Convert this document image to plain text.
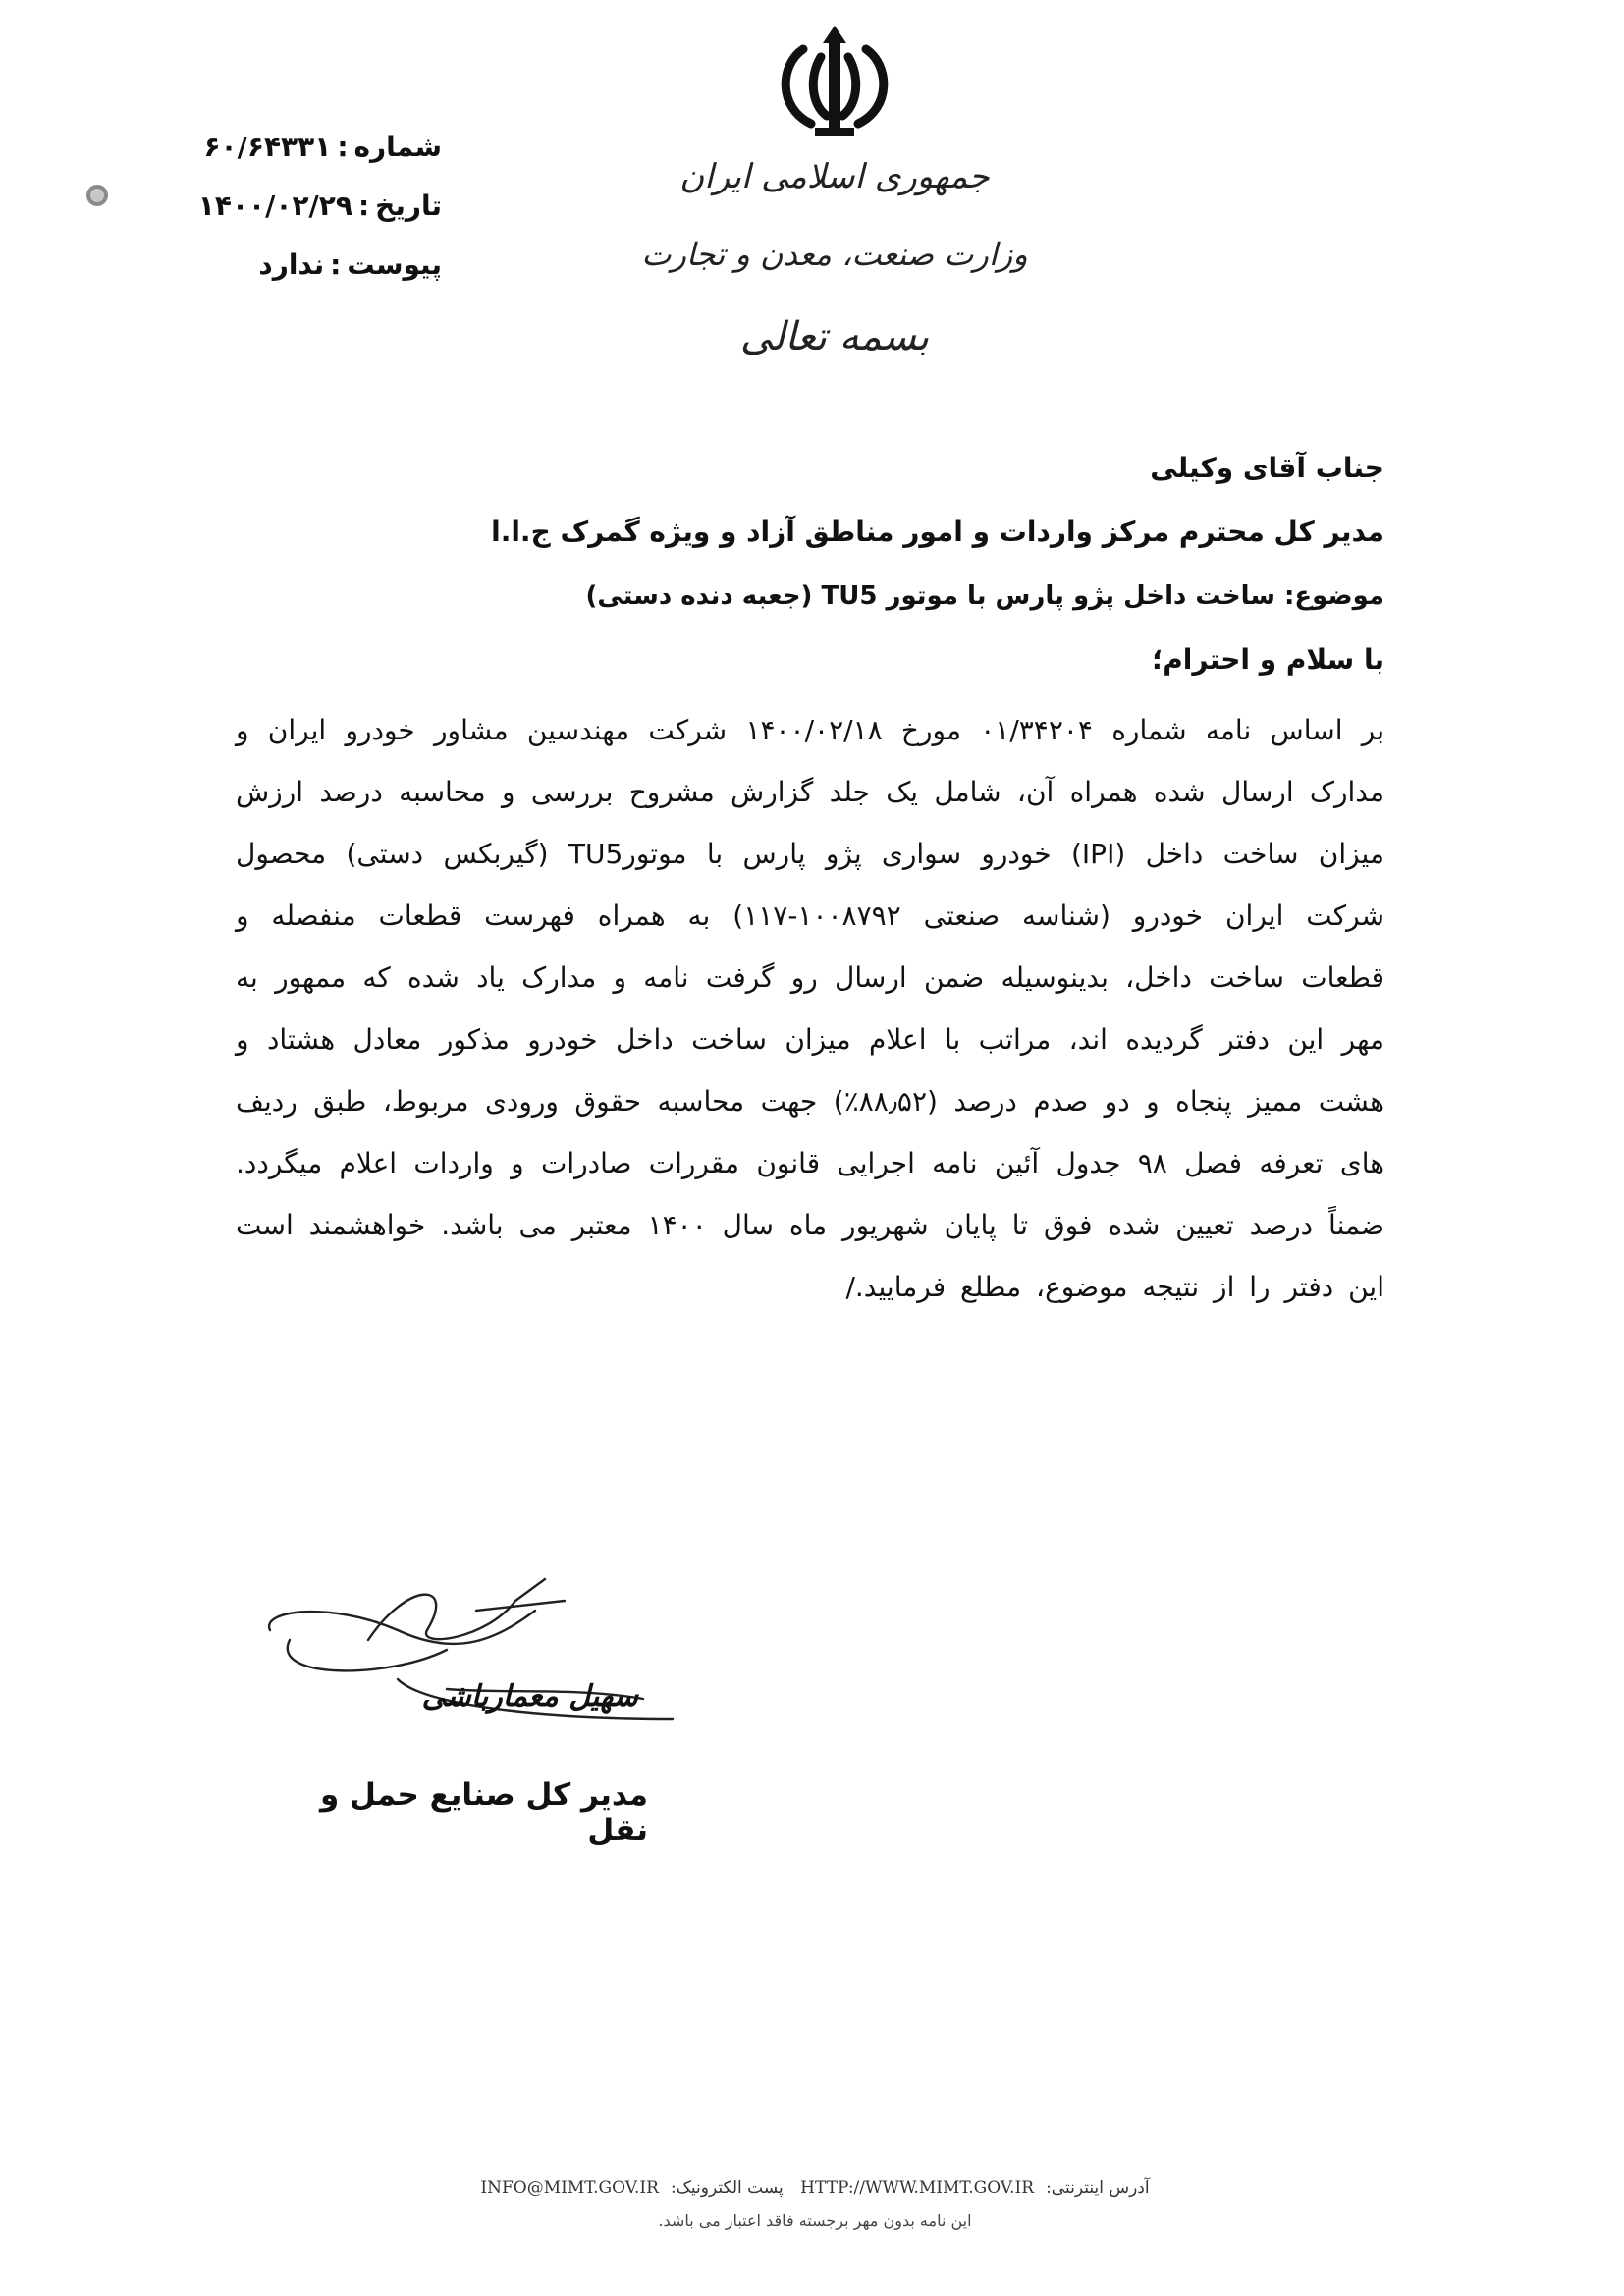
جمهوری اسلامی ایران
وزارت صنعت، معدن و تجارت
بسمه تعالی
شماره:۶۰/۶۴۳۳۱
تاریخ:۱۴۰۰/۰۲/۲۹
پیوست:ندارد
جناب آقای وکیلی
مدیر کل محترم مرکز واردات و امور مناطق آزاد و ویژه گمرک ج.ا.ا
موضوع: ساخت داخل پژو پارس با موتور TU5 (جعبه دنده دستی)
با سلام و احترام؛
بر اساس نامه شماره ۰۱/۳۴۲۰۴ مورخ ۱۴۰۰/۰۲/۱۸ شرکت مهندسین مشاور خودرو ایران و مدارک ارسال شده همراه آن، شامل یک جلد گزارش مشروح بررسی و محاسبه درصد ارزش میزان ساخت داخل (IPI) خودرو سواری پژو پارس با موتورTU5 (گیربکس دستی) محصول شرکت ایران خودرو (شناسه صنعتی ۱۰۰۸۷۹۲-۱۱۷) به همراه فهرست قطعات منفصله و قطعات ساخت داخل، بدینوسیله ضمن ارسال رو گرفت نامه و مدارک یاد شده که ممهور به مهر این دفتر گردیده اند، مراتب با اعلام میزان ساخت داخل خودرو مذکور معادل هشتاد و هشت ممیز پنجاه و دو صدم درصد (۸۸٫۵۲٪) جهت محاسبه حقوق ورودی مربوط، طبق ردیف های تعرفه فصل ۹۸ جدول آئین نامه اجرایی قانون مقررات صادرات و واردات اعلام میگردد. ضمناً درصد تعیین شده فوق تا پایان شهریور ماه سال ۱۴۰۰ معتبر می باشد. خواهشمند است این دفتر را از نتیجه موضوع، مطلع فرمایید./
سهیل معمارباشی
مدیر کل صنایع حمل و نقل
آدرس اینترنتی:HTTP://WWW.MIMT.GOV.IR پست الکترونیک:INFO@MIMT.GOV.IR
این نامه بدون مهر برجسته فاقد اعتبار می باشد.
